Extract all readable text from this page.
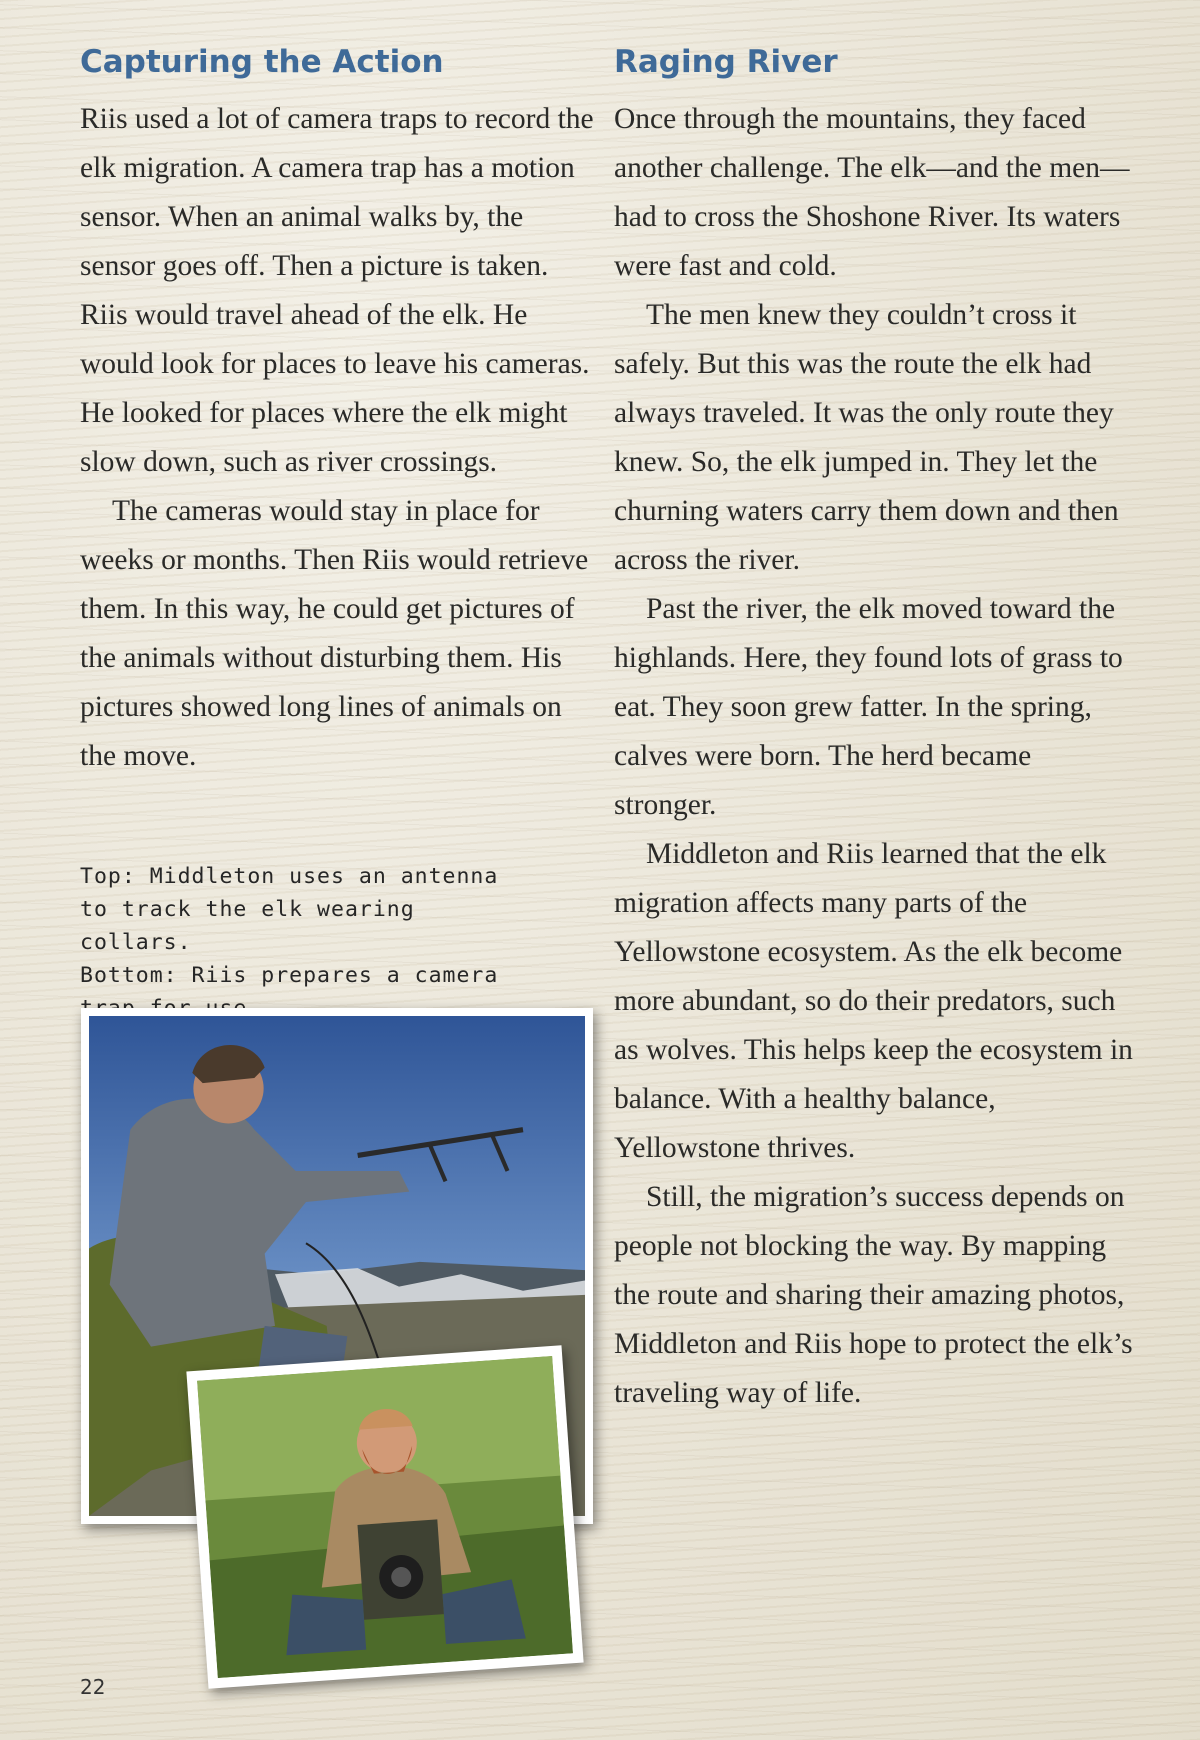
Capturing the Action

Riis used a lot of camera traps to record the elk migration. A camera trap has a motion sensor. When an animal walks by, the sensor goes off. Then a picture is taken. Riis would travel ahead of the elk. He would look for places to leave his cameras. He looked for places where the elk might slow down, such as river crossings.

The cameras would stay in place for weeks or months. Then Riis would retrieve them. In this way, he could get pictures of the animals without disturbing them. His pictures showed long lines of animals on the move.

Top: Middleton uses an antenna to track the elk wearing collars.

Bottom: Riis prepares a camera

Raging River

Once through the mountains, they faced another challenge. The elk—and the men—had to cross the Shoshone River. Its waters were fast and cold.

The men knew they couldn’t cross it safely. But this was the route the elk had always traveled. It was the only route they knew. So, the elk jumped in. They let the churning waters carry them down and then across the river.

Past the river, the elk moved toward the highlands. Here, they found lots of grass to eat. They soon grew fatter. In the spring, calves were born. The herd became stronger.

Middleton and Riis learned that the elk migration affects many parts of the Yellowstone ecosystem. As the elk become more abundant, so do their predators, such as wolves. This helps keep the ecosystem in balance. With a healthy balance, Yellowstone thrives.

Still, the migration’s success depends on people not blocking the way. By mapping the route and sharing their amazing photos, Middleton and Riis hope to protect the elk’s traveling way of life.

22
